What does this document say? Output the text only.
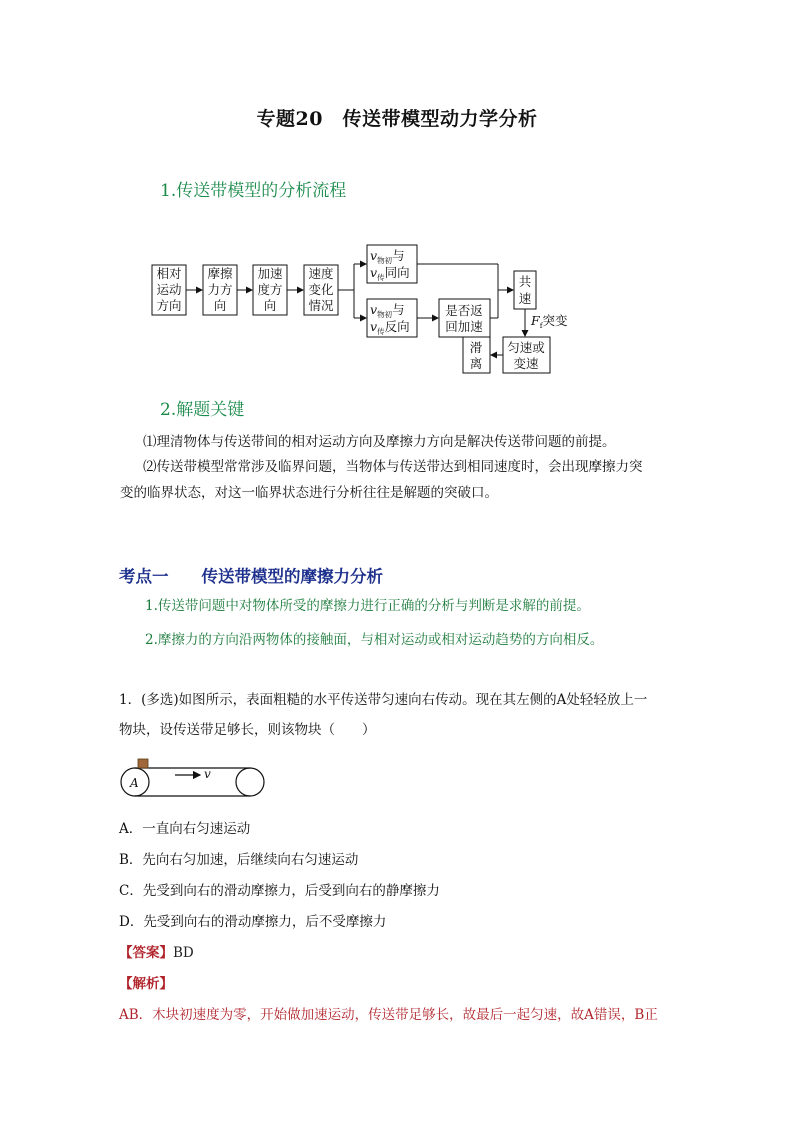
专题20　传送带模型动力学分析
1.传送带模型的分析流程
相对
运动
方向
摩擦
力方
向
加速
度方
向
速度
变化
情况	是否返
回加速
共
速
匀速或
变速
滑
离
$v_{物初}$与
$v_传$同向
$v_{物初}$与
$v_传$反向	$F_f$突变
2.解题关键
⑴理清物体与传送带间的相对运动方向及摩擦力方向是解决传送带问题的前提。
⑵传送带模型常常涉及临界问题，当物体与传送带达到相同速度时，会出现摩擦力突
变的临界状态，对这一临界状态进行分析往往是解题的突破口。
考点一　　传送带模型的摩擦力分析
1.传送带问题中对物体所受的摩擦力进行正确的分析与判断是求解的前提。
2.摩擦力的方向沿两物体的接触面，与相对运动或相对运动趋势的方向相反。
1．(多选)如图所示，表面粗糙的水平传送带匀速向右传动。现在其左侧的A处轻轻放上一
物块，设传送带足够长，则该物块（　　）
A
v
A．一直向右匀速运动
B．先向右匀加速，后继续向右匀速运动
C．先受到向右的滑动摩擦力，后受到向右的静摩擦力
D．先受到向右的滑动摩擦力，后不受摩擦力
【答案】BD
【解析】
AB．木块初速度为零，开始做加速运动，传送带足够长，故最后一起匀速，故A错误，B正
